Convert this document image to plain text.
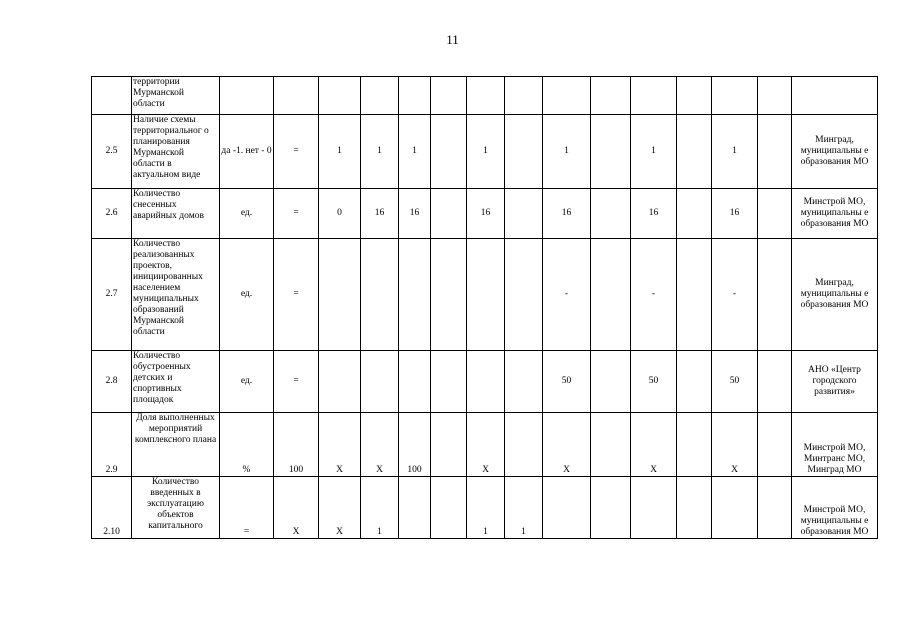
11
	территории Мурманской области															
2.5	Наличие схемы территориальног о планирования Мурманской области в актуальном виде	да -1. нет - 0	=	1	1	1		1		1		1		1		Минград, муниципальны е образования МО
2.6	Количество снесенных аварийных домов	ед.	=	0	16	16		16		16		16		16		Минстрой МО, муниципальны е образования МО
2.7	Количество реализованных проектов, инициированных населением муниципальных образований Мурманской области	ед.	=							-		-		-		Минград, муниципальны е образования МО
2.8	Количество обустроенных детских и спортивных площадок	ед.	=							50		50		50		АНО «Центр городского развития»
2.9	Доля выполненных мероприятий комплексного плана	%	100	X	X	100		X		X		X		X		Минстрой МО, Минтранс МО, Минград МО
2.10	Количество введенных в эксплуатацию объектов капитального	=	X	X	1			1	1							Минстрой МО, муниципальны е образования МО
